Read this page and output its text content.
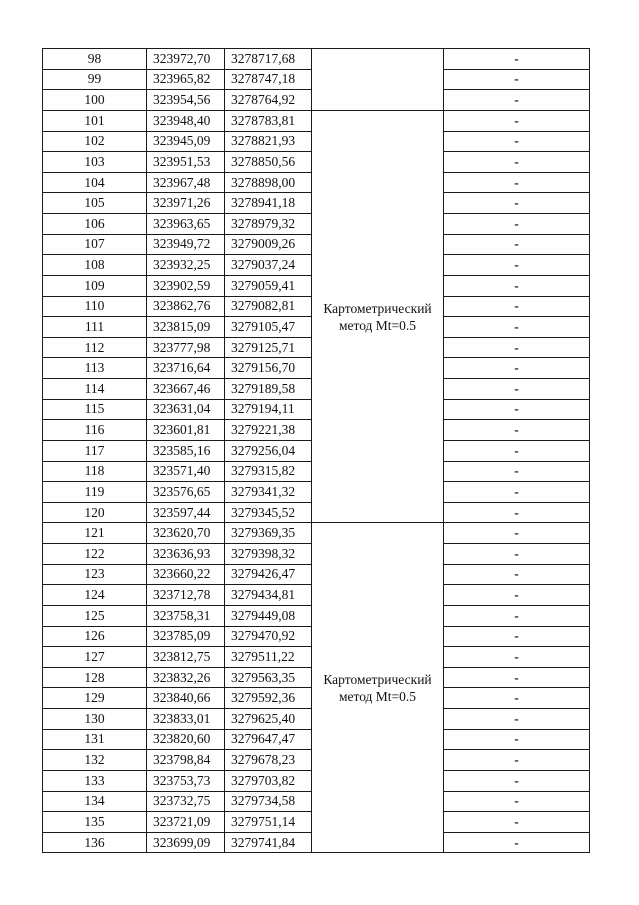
98	323972,70	3278717,68		-
99	323965,82	3278747,18		-
100	323954,56	3278764,92		-
101	323948,40	3278783,81	Картометрический метод Mt=0.5	-
102	323945,09	3278821,93		-
103	323951,53	3278850,56		-
104	323967,48	3278898,00		-
105	323971,26	3278941,18		-
106	323963,65	3278979,32		-
107	323949,72	3279009,26		-
108	323932,25	3279037,24		-
109	323902,59	3279059,41		-
110	323862,76	3279082,81		-
111	323815,09	3279105,47		-
112	323777,98	3279125,71		-
113	323716,64	3279156,70		-
114	323667,46	3279189,58		-
115	323631,04	3279194,11		-
116	323601,81	3279221,38		-
117	323585,16	3279256,04		-
118	323571,40	3279315,82		-
119	323576,65	3279341,32		-
120	323597,44	3279345,52		-
121	323620,70	3279369,35	Картометрический метод Mt=0.5	-
122	323636,93	3279398,32		-
123	323660,22	3279426,47		-
124	323712,78	3279434,81		-
125	323758,31	3279449,08		-
126	323785,09	3279470,92		-
127	323812,75	3279511,22		-
128	323832,26	3279563,35		-
129	323840,66	3279592,36		-
130	323833,01	3279625,40		-
131	323820,60	3279647,47		-
132	323798,84	3279678,23		-
133	323753,73	3279703,82		-
134	323732,75	3279734,58		-
135	323721,09	3279751,14		-
136	323699,09	3279741,84		-
